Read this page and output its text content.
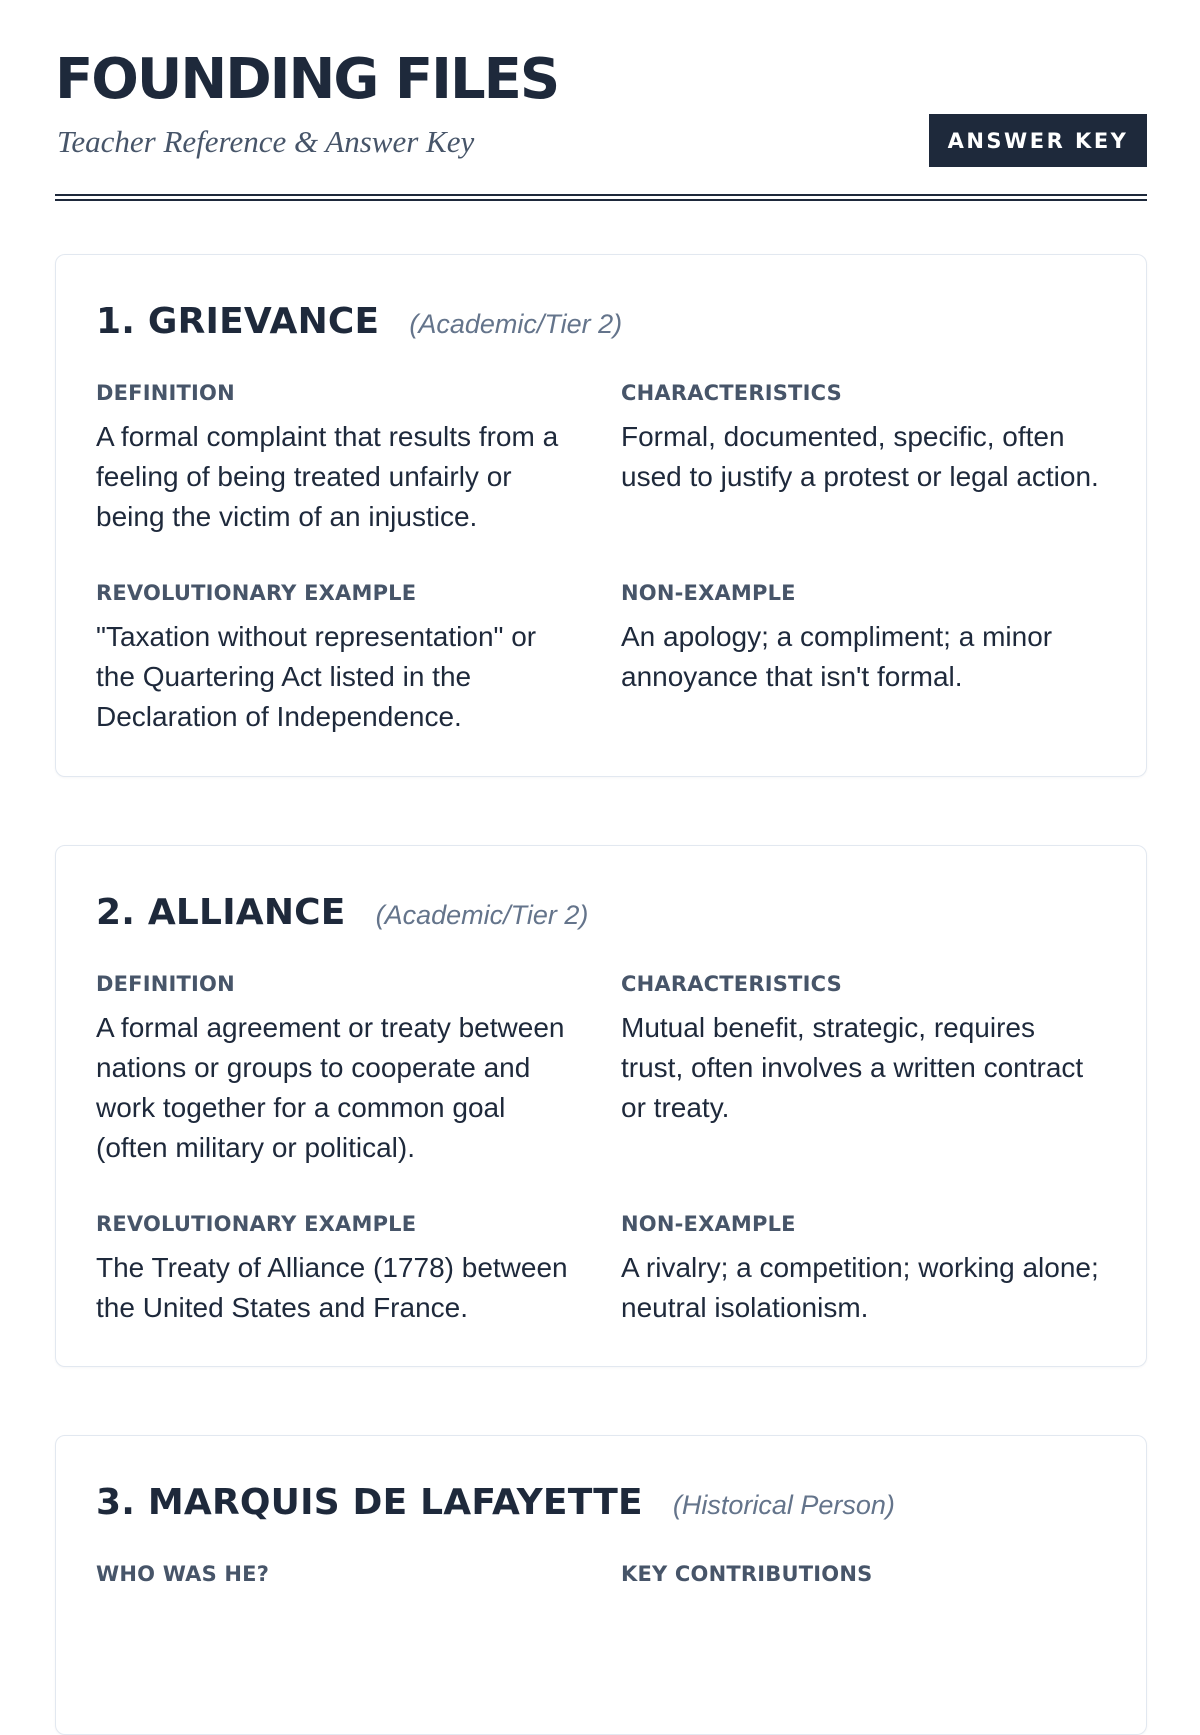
FOUNDING FILES
Teacher Reference & Answer Key	ANSWER KEY
1. GRIEVANCE (Academic/Tier 2)
DEFINITION
A formal complaint that results from a feeling of being treated unfairly or being the victim of an injustice.
CHARACTERISTICS
Formal, documented, specific, often used to justify a protest or legal action.
REVOLUTIONARY EXAMPLE
"Taxation without representation" or the Quartering Act listed in the Declaration of Independence.
NON-EXAMPLE
An apology; a compliment; a minor annoyance that isn't formal.
2. ALLIANCE (Academic/Tier 2)
DEFINITION
A formal agreement or treaty between nations or groups to cooperate and work together for a common goal (often military or political).
CHARACTERISTICS
Mutual benefit, strategic, requires trust, often involves a written contract or treaty.
REVOLUTIONARY EXAMPLE
The Treaty of Alliance (1778) between the United States and France.
NON-EXAMPLE
A rivalry; a competition; working alone; neutral isolationism.
3. MARQUIS DE LAFAYETTE (Historical Person)
WHO WAS HE?	KEY CONTRIBUTIONS
